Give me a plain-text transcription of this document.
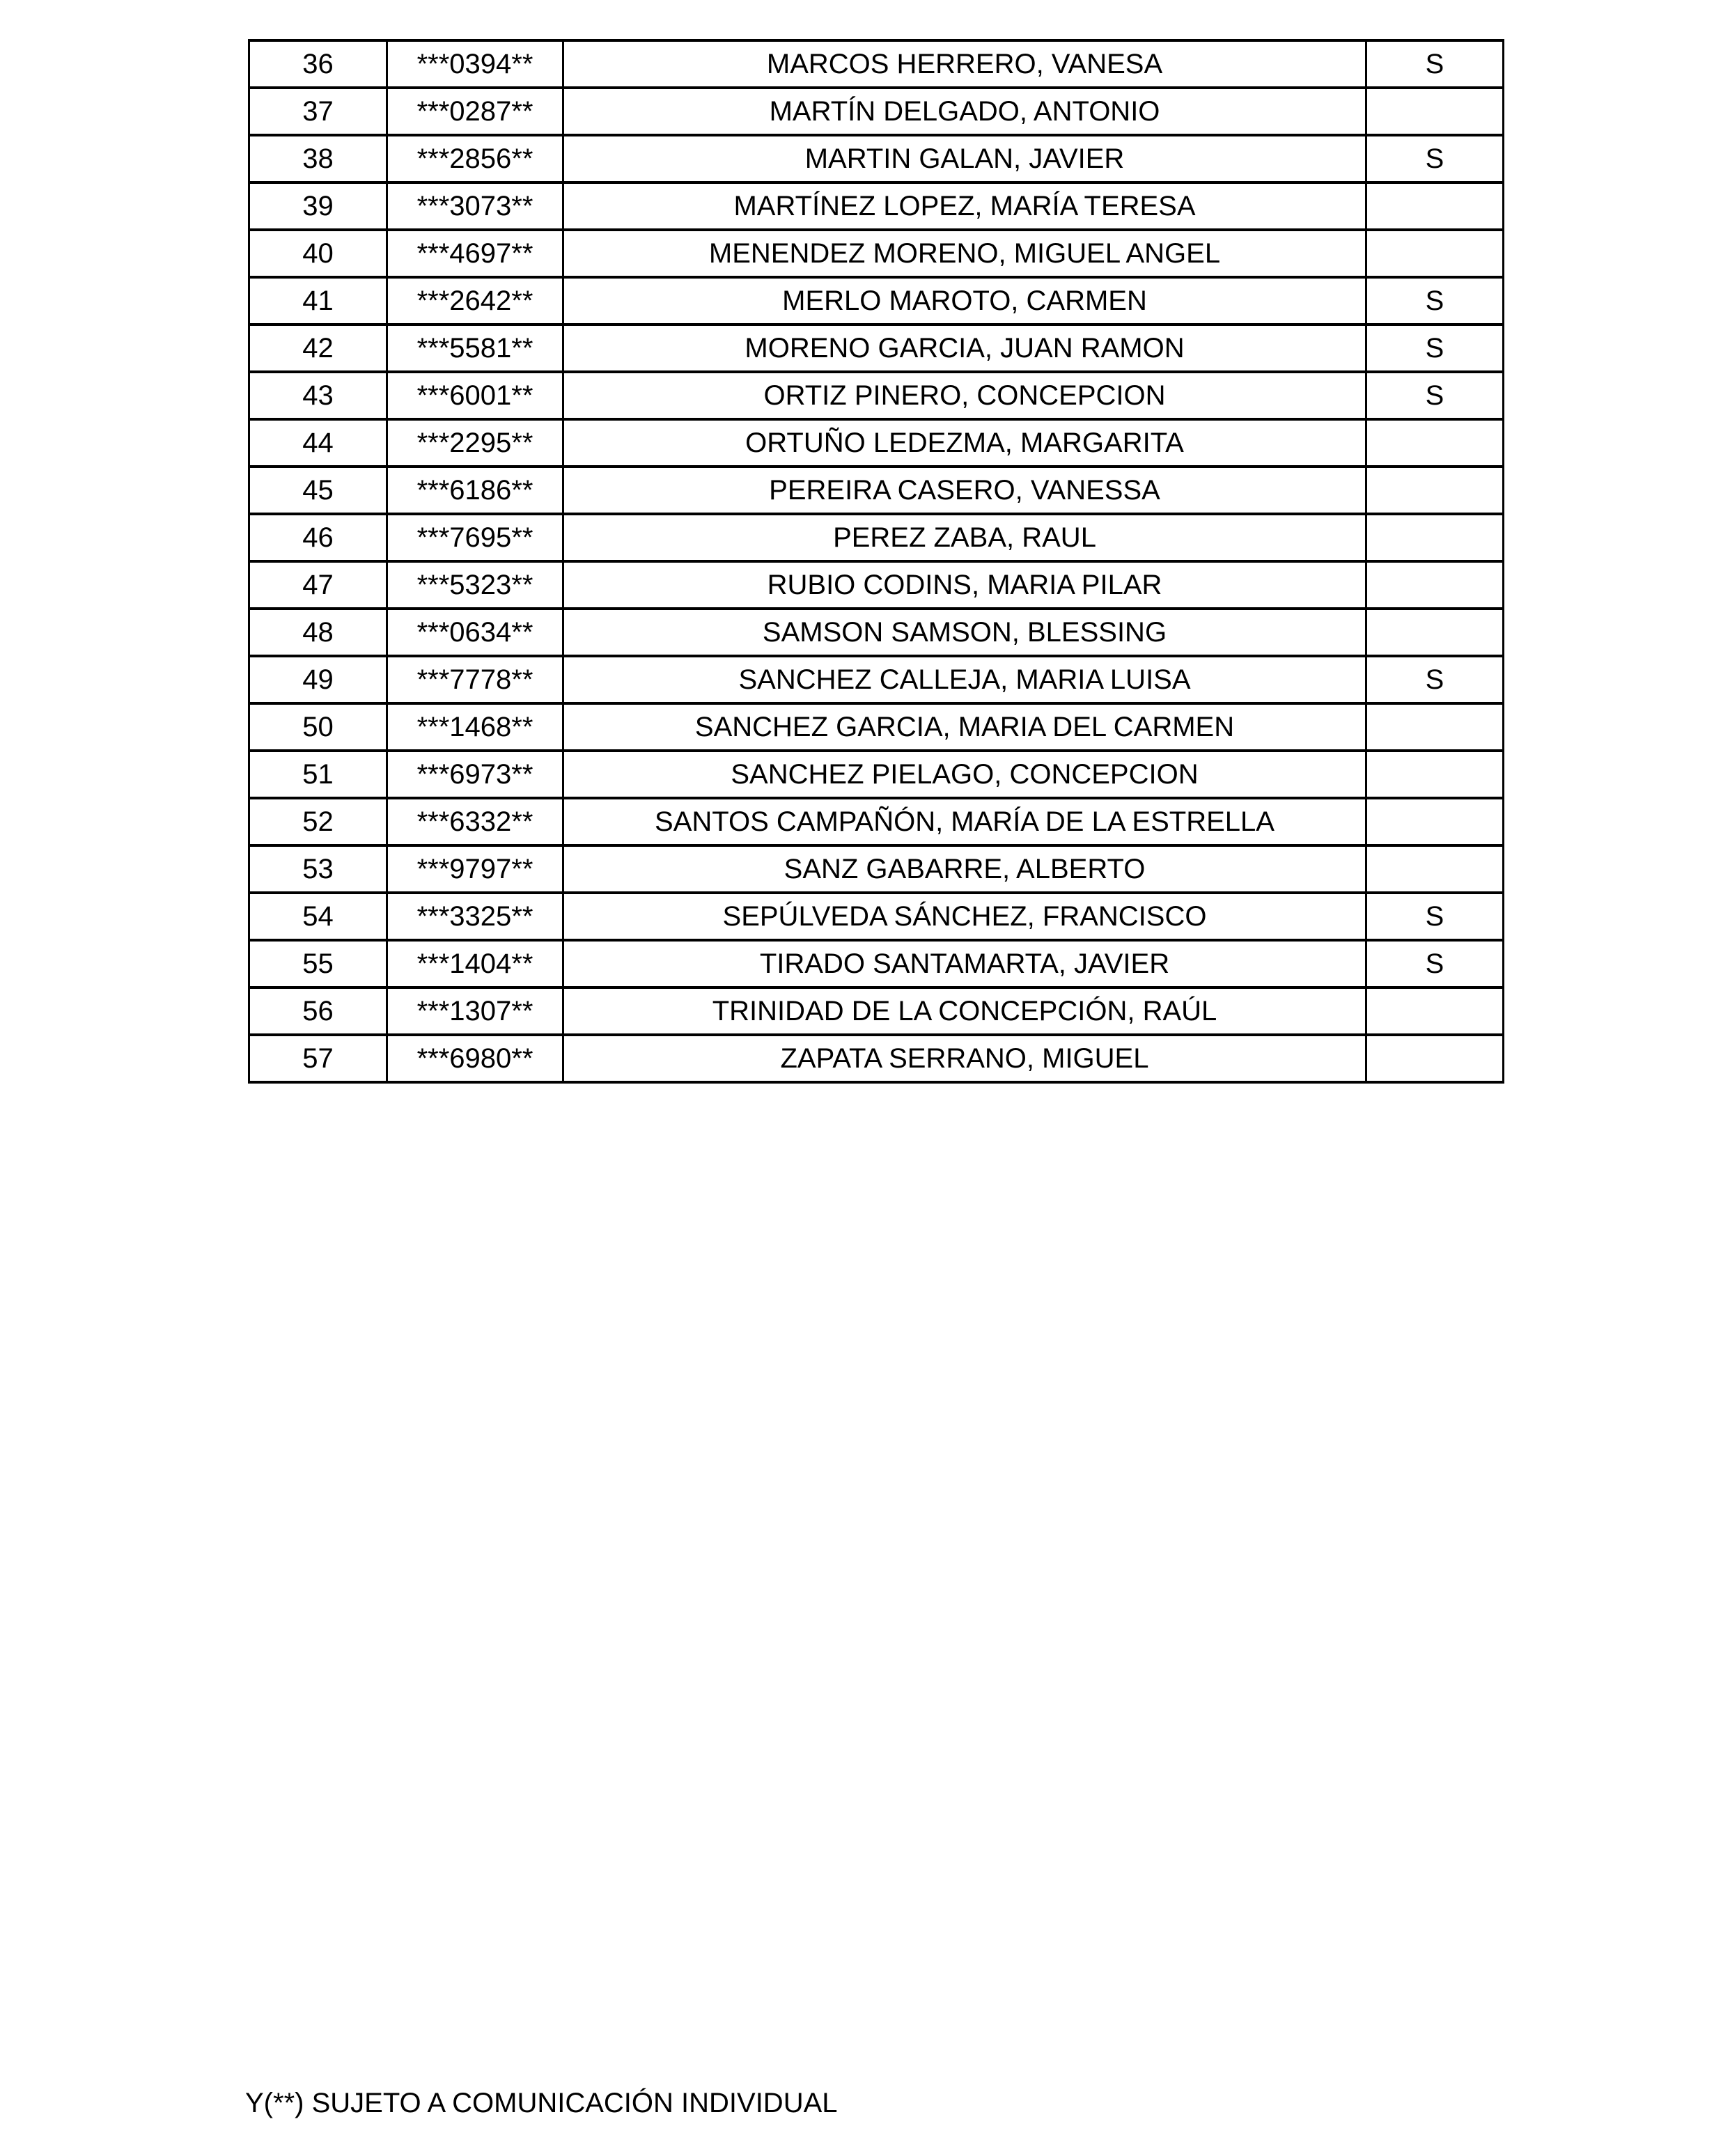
36	***0394**	MARCOS HERRERO, VANESA	S
37	***0287**	MARTÍN DELGADO, ANTONIO	
38	***2856**	MARTIN GALAN, JAVIER	S
39	***3073**	MARTÍNEZ LOPEZ, MARÍA TERESA	
40	***4697**	MENENDEZ MORENO, MIGUEL ANGEL	
41	***2642**	MERLO MAROTO, CARMEN	S
42	***5581**	MORENO GARCIA, JUAN RAMON	S
43	***6001**	ORTIZ PINERO, CONCEPCION	S
44	***2295**	ORTUÑO LEDEZMA, MARGARITA	
45	***6186**	PEREIRA CASERO, VANESSA	
46	***7695**	PEREZ ZABA, RAUL	
47	***5323**	RUBIO CODINS, MARIA PILAR	
48	***0634**	SAMSON SAMSON, BLESSING	
49	***7778**	SANCHEZ CALLEJA, MARIA LUISA	S
50	***1468**	SANCHEZ GARCIA, MARIA DEL CARMEN	
51	***6973**	SANCHEZ PIELAGO, CONCEPCION	
52	***6332**	SANTOS CAMPAÑÓN, MARÍA DE LA ESTRELLA	
53	***9797**	SANZ GABARRE, ALBERTO	
54	***3325**	SEPÚLVEDA SÁNCHEZ, FRANCISCO	S
55	***1404**	TIRADO SANTAMARTA, JAVIER	S
56	***1307**	TRINIDAD DE LA CONCEPCIÓN, RAÚL	
57	***6980**	ZAPATA SERRANO, MIGUEL	
Y(**) SUJETO A COMUNICACIÓN INDIVIDUAL
